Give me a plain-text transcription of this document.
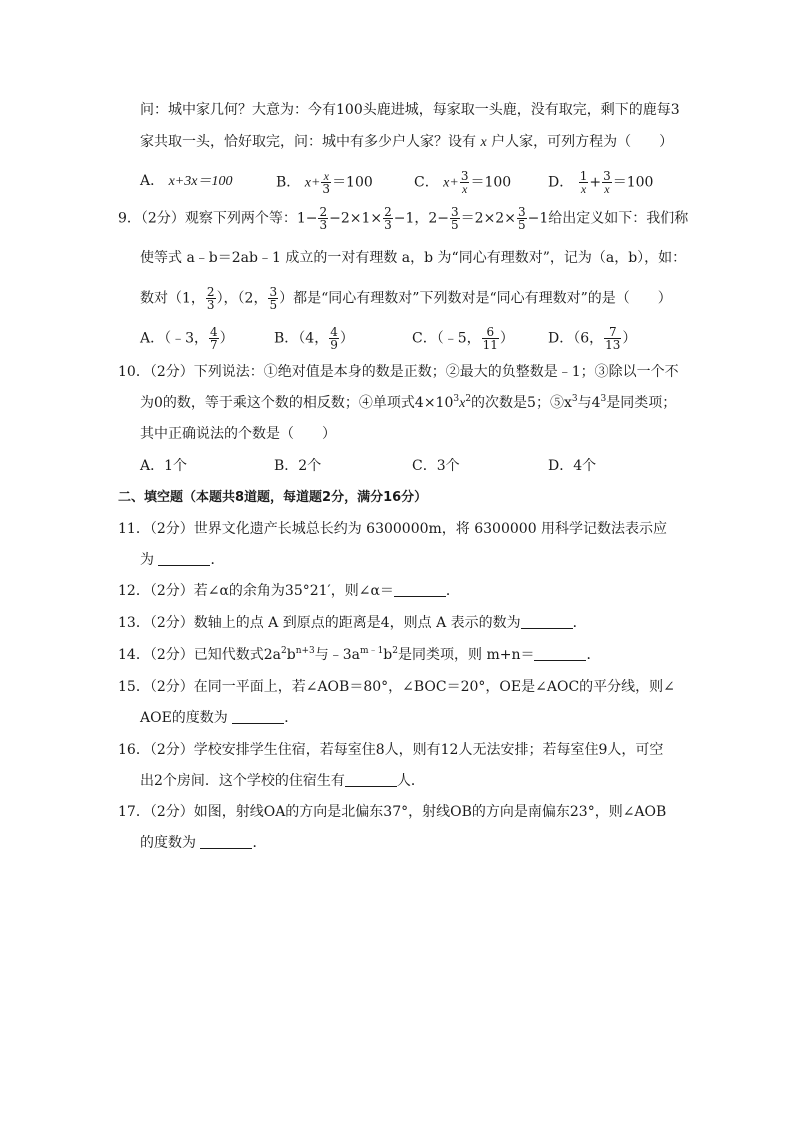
问：城中家几何？大意为：今有100头鹿进城，每家取一头鹿，没有取完，剩下的鹿每3
家共取一头，恰好取完，问：城中有多少户人家？设有 x 户人家，可列方程为（ ）
A． x+3x＝100	B． $x+ \frac{x}{3} =100$	C． $x+ \frac{3}{x} =100$	D． $\frac{1}{x} + \frac{3}{x} =100$
9．（2分）观察下列两个等：$1- \frac{2}{3} -2\times 1\times \frac{2}{3} -1$，$2- \frac{3}{5} =2\times 2\times \frac{3}{5} -1$给出定义如下：我们称
使等式 a﹣b＝2ab﹣1 成立的一对有理数 a，b 为“同心有理数对”，记为（a，b），如：
数对（1， $\frac{2}{3}$ ），（2， $\frac{3}{5}$ ）都是“同心有理数对”下列数对是“同心有理数对”的是（ ）
A．（﹣3， $\frac{4}{7}$ ）	B．（4， $\frac{4}{9}$ ）	C．（﹣5， $\frac{6}{11}$ ） D．（6， $\frac{7}{13}$ ）
10．（2分）下列说法：①绝对值是本身的数是正数；②最大的负整数是﹣1；③除以一个不
为0的数，等于乘这个数的相反数；④单项式$4\times 10^3x^2$的次数是5；$⑤x^3$与$4^3$是同类项；
其中正确说法的个数是（ ）
A．1个	B．2个	C．3个	D．4个
二、填空题（本题共8道题，每道题2分，满分16分）
11．（2分）世界文化遗产长城总长约为 6300000m，将 6300000 用科学记数法表示应
为	．
12．（2分）若∠α的余角为35°21′，则∠α＝	．
13．（2分）数轴上的点 A 到原点的距离是4，则点 A 表示的数为	．
14．（2分）已知代数式$2a^2b^{n+3}$与$﹣3a^{m﹣1}b^2$是同类项，则 m+n＝	．
15．（2分）在同一平面上，若∠AOB＝80°，∠BOC＝20°，OE是∠AOC的平分线，则∠
AOE的度数为	．
16．（2分）学校安排学生住宿，若每室住8人，则有12人无法安排；若每室住9人，可空
出2个房间．这个学校的住宿生有	人．
17．（2分）如图，射线OA的方向是北偏东37°，射线OB的方向是南偏东23°，则∠AOB
的度数为	．
